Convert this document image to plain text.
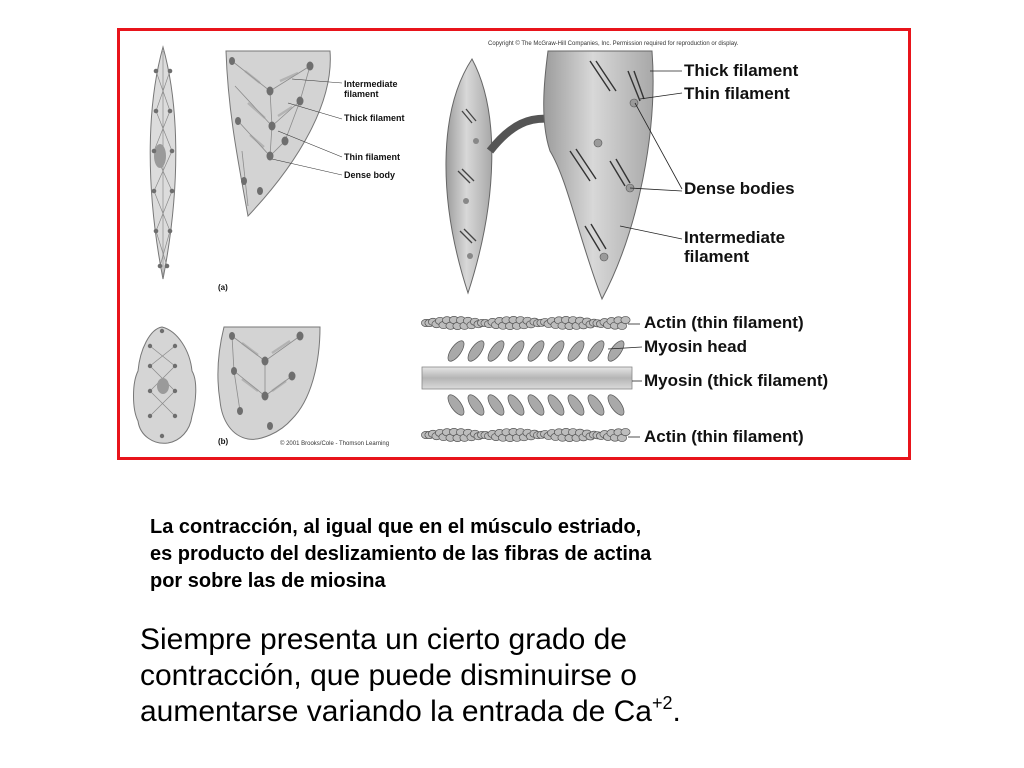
Copyright © The McGraw-Hill Companies, Inc. Permission required for reproduction or display.
Intermediate
filament
Thick filament
Thin filament
Dense body
(a)
(b)	© 2001 Brooks/Cole - Thomson Learning
Thick filament
Thin filament
Dense bodies
Intermediate
filament
Actin (thin filament)
Myosin head
Myosin (thick filament)
Actin (thin filament)
La contracción, al igual que en el músculo estriado,
es producto del deslizamiento de las fibras de actina
por sobre las de miosina
Siempre presenta un cierto grado de
contracción, que puede disminuirse o
aumentarse variando la entrada de $Ca^{+2}$.
